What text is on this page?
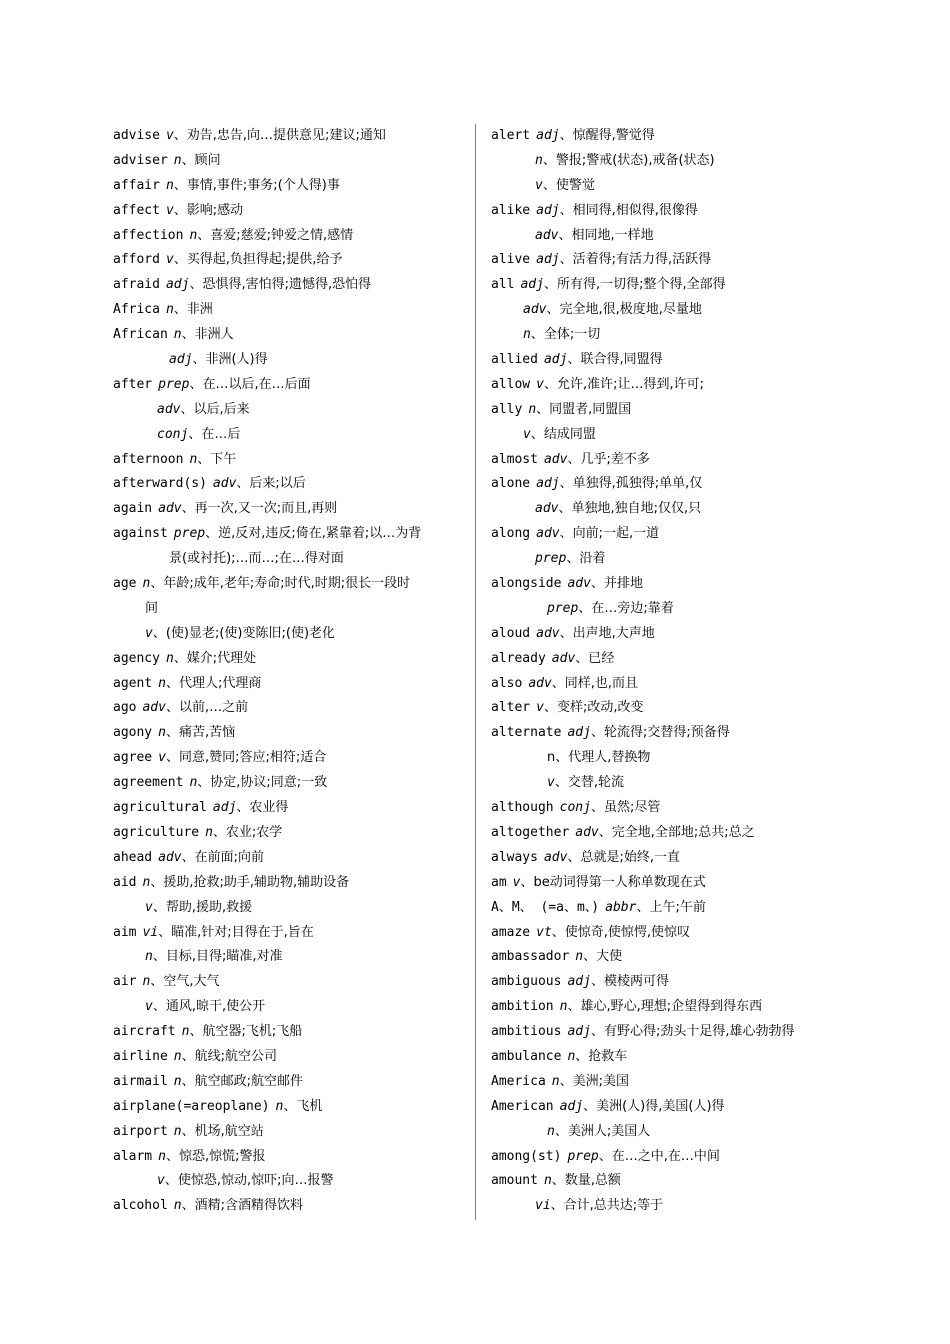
advise v、劝告,忠告,向…提供意见;建议;通知
adviser n、顾问
affair n、事情,事件;事务;(个人得)事
affect v、影响;感动
affection n、喜爱;慈爱;钟爱之情,感情
afford v、买得起,负担得起;提供,给予
afraid adj、恐惧得,害怕得;遗憾得,恐怕得
Africa n、非洲
African n、非洲人
adj、非洲(人)得
after prep、在…以后,在…后面
adv、以后,后来
conj、在…后
afternoon n、下午
afterward(s) adv、后来;以后
again adv、再一次,又一次;而且,再则
against prep、逆,反对,违反;倚在,紧靠着;以…为背
景(或衬托);…而…;在…得对面
age n、年龄;成年,老年;寿命;时代,时期;很长一段时
间
v、(使)显老;(使)变陈旧;(使)老化
agency n、媒介;代理处
agent n、代理人;代理商
ago adv、以前,…之前
agony n、痛苦,苦恼
agree v、同意,赞同;答应;相符;适合
agreement n、协定,协议;同意;一致
agricultural adj、农业得
agriculture n、农业;农学
ahead adv、在前面;向前
aid n、援助,抢救;助手,辅助物,辅助设备
v、帮助,援助,救援
aim vi、瞄准,针对;目得在于,旨在
n、目标,目得;瞄准,对准
air n、空气,大气
v、通风,晾干,使公开
aircraft n、航空器;飞机;飞船
airline n、航线;航空公司
airmail n、航空邮政;航空邮件
airplane(=areoplane) n、飞机
airport n、机场,航空站
alarm n、惊恐,惊慌;警报
v、使惊恐,惊动,惊吓;向…报警
alcohol n、酒精;含酒精得饮料
alert adj、惊醒得,警觉得
n、警报;警戒(状态),戒备(状态)
v、使警觉
alike adj、相同得,相似得,很像得
adv、相同地,一样地
alive adj、活着得;有活力得,活跃得
all adj、所有得,一切得;整个得,全部得
adv、完全地,很,极度地,尽量地
n、全体;一切
allied adj、联合得,同盟得
allow v、允许,准许;让…得到,许可;
ally n、同盟者,同盟国
v、结成同盟
almost adv、几乎;差不多
alone adj、单独得,孤独得;单单,仅
adv、单独地,独自地;仅仅,只
along adv、向前;一起,一道
prep、沿着
alongside adv、并排地
prep、在…旁边;靠着
aloud adv、出声地,大声地
already adv、已经
also adv、同样,也,而且
alter v、变样;改动,改变
alternate adj、轮流得;交替得;预备得
n、代理人,替换物
v、交替,轮流
although conj、虽然;尽管
altogether adv、完全地,全部地;总共;总之
always adv、总就是;始终,一直
am v、be动词得第一人称单数现在式
A、M、 (=a、m、) abbr、上午;午前
amaze vt、使惊奇,使惊愕,使惊叹
ambassador n、大使
ambiguous adj、模棱两可得
ambition n、雄心,野心,理想;企望得到得东西
ambitious adj、有野心得;劲头十足得,雄心勃勃得
ambulance n、抢救车
America n、美洲;美国
American adj、美洲(人)得,美国(人)得
n、美洲人;美国人
among(st) prep、在…之中,在…中间
amount n、数量,总额
vi、合计,总共达;等于
